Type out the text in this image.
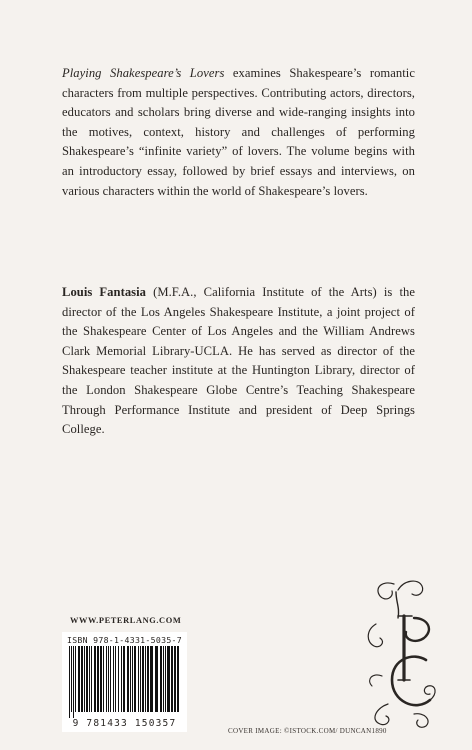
Playing Shakespeare’s Lovers examines Shakespeare’s romantic characters from multiple perspectives. Contributing actors, directors, educators and scholars bring diverse and wide-ranging insights into the motives, context, history and challenges of performing Shakespeare’s “infinite variety” of lovers. The volume begins with an introductory essay, followed by brief essays and interviews, on various characters within the world of Shakespeare’s lovers.
Louis Fantasia (M.F.A., California Institute of the Arts) is the director of the Los Angeles Shakespeare Institute, a joint project of the Shakespeare Center of Los Angeles and the William Andrews Clark Memorial Library-UCLA. He has served as director of the Shakespeare teacher institute at the Huntington Library, director of the London Shakespeare Globe Centre’s Teaching Shakespeare Through Performance Institute and president of Deep Springs College.
WWW.PETERLANG.COM
ISBN 978-1-4331-5035-7
9 781433 150357
COVER IMAGE: ©ISTOCK.COM/ DUNCAN1890
